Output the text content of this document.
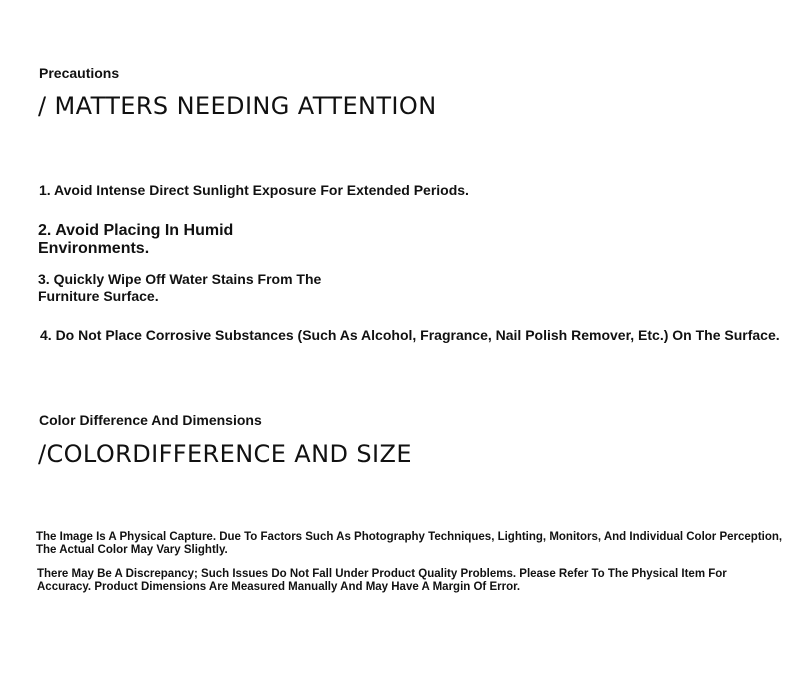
Precautions
/ MATTERS NEEDING ATTENTION
1. Avoid Intense Direct Sunlight Exposure For Extended Periods.
2. Avoid Placing In Humid
Environments.
3. Quickly Wipe Off Water Stains From The
Furniture Surface.
4. Do Not Place Corrosive Substances (Such As Alcohol, Fragrance, Nail Polish Remover, Etc.) On The Surface.
Color Difference And Dimensions
/COLORDIFFERENCE AND SIZE
The Image Is A Physical Capture. Due To Factors Such As Photography Techniques, Lighting, Monitors, And Individual Color Perception,
The Actual Color May Vary Slightly.
There May Be A Discrepancy; Such Issues Do Not Fall Under Product Quality Problems. Please Refer To The Physical Item For
Accuracy. Product Dimensions Are Measured Manually And May Have A Margin Of Error.
